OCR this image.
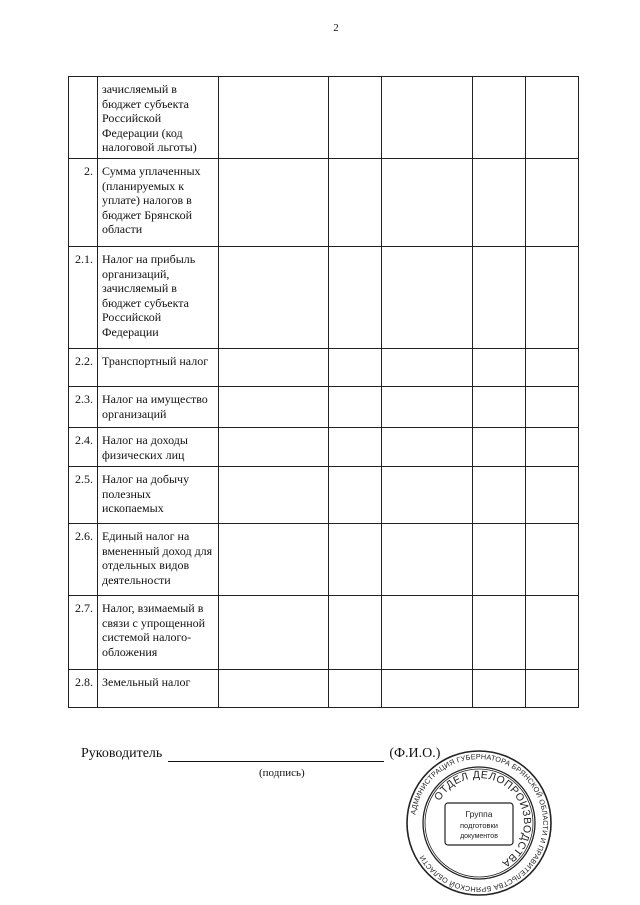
2
	зачисляемый в бюджет субъекта Российской Федерации (код налоговой льготы)					
2.	Сумма уплаченных (планируемых к уплате) налогов в бюджет Брянской области					
2.1.	Налог на прибыль организаций, зачисляемый в бюджет субъекта Российской Федерации					
2.2.	Транспортный налог					
2.3.	Налог на имущество организаций					
2.4.	Налог на доходы физических лиц					
2.5.	Налог на добычу полезных ископаемых					
2.6.	Единый налог на вмененный доход для отдельных видов деятельности					
2.7.	Налог, взимаемый в связи с упрощенной системой налого-обложения					
2.8.	Земельный налог					
Руководитель	(Ф.И.О.)
(подпись)
АДМИНИСТРАЦИЯ ГУБЕРНАТОРА БРЯНСКОЙ ОБЛАСТИ И ПРАВИТЕЛЬСТВА БРЯНСКОЙ ОБЛАСТИ
ОТДЕЛ ДЕЛОПРОИЗВОДСТВА
Группа
подготовки
документов
